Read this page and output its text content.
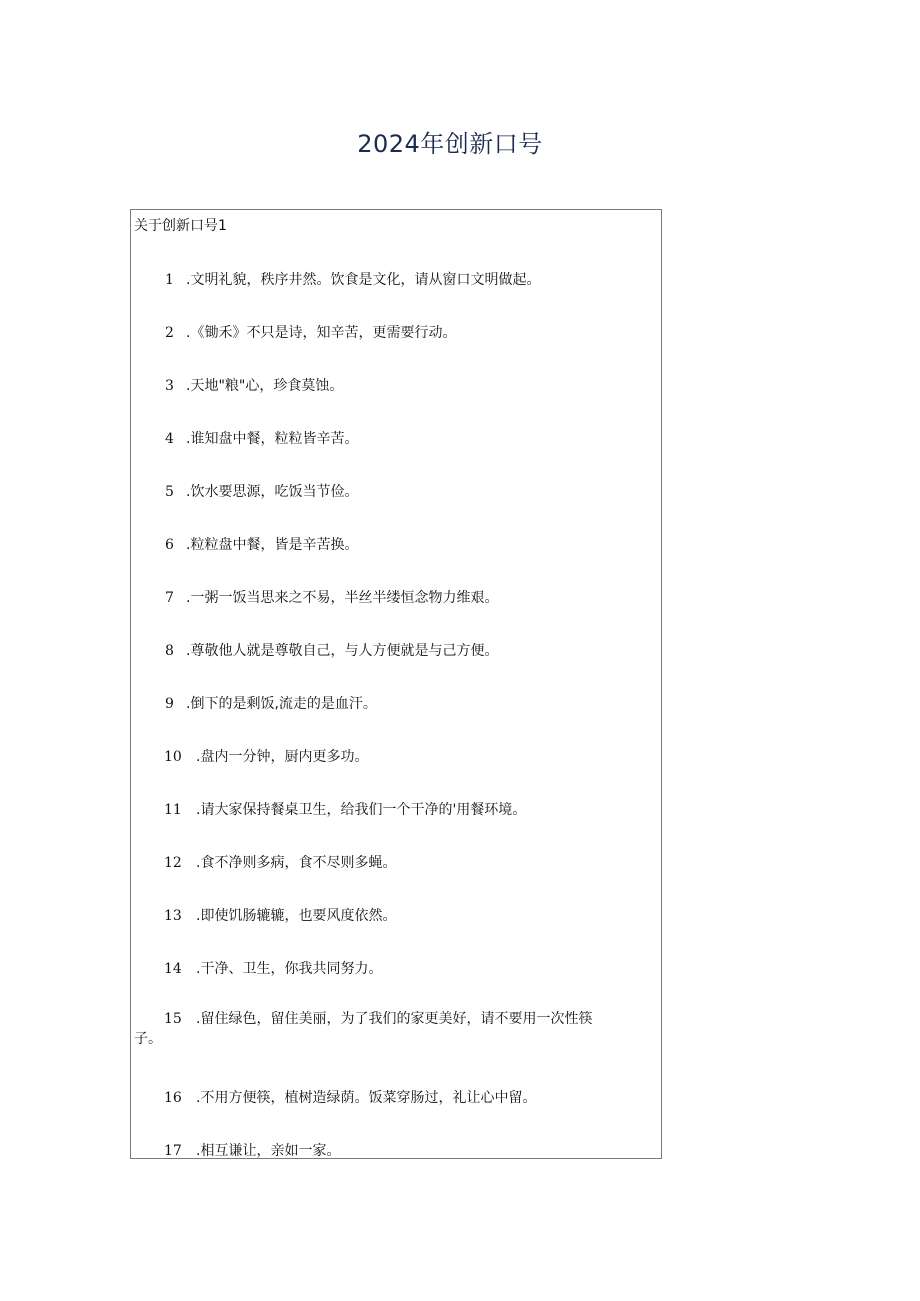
2024年创新口号
关于创新口号1
1 .文明礼貌，秩序井然。饮食是文化，请从窗口文明做起。
2 .《锄禾》不只是诗，知辛苦，更需要行动。
3 .天地"粮"心，珍食莫蚀。
4 .谁知盘中餐，粒粒皆辛苦。
5 .饮水要思源，吃饭当节俭。
6 .粒粒盘中餐，皆是辛苦换。
7 .一粥一饭当思来之不易，半丝半缕恒念物力维艰。
8 .尊敬他人就是尊敬自己，与人方便就是与己方便。
9 .倒下的是剩饭,流走的是血汗。
10 .盘内一分钟，厨内更多功。
11 .请大家保持餐桌卫生，给我们一个干净的'用餐环境。
12 .食不净则多病，食不尽则多蝇。
13 .即使饥肠辘辘，也要风度依然。
14 .干净、卫生，你我共同努力。
15 .留住绿色，留住美丽，为了我们的家更美好，请不要用一次性筷
子。
16 .不用方便筷，植树造绿荫。饭菜穿肠过，礼让心中留。
17 .相互谦让，亲如一家。
